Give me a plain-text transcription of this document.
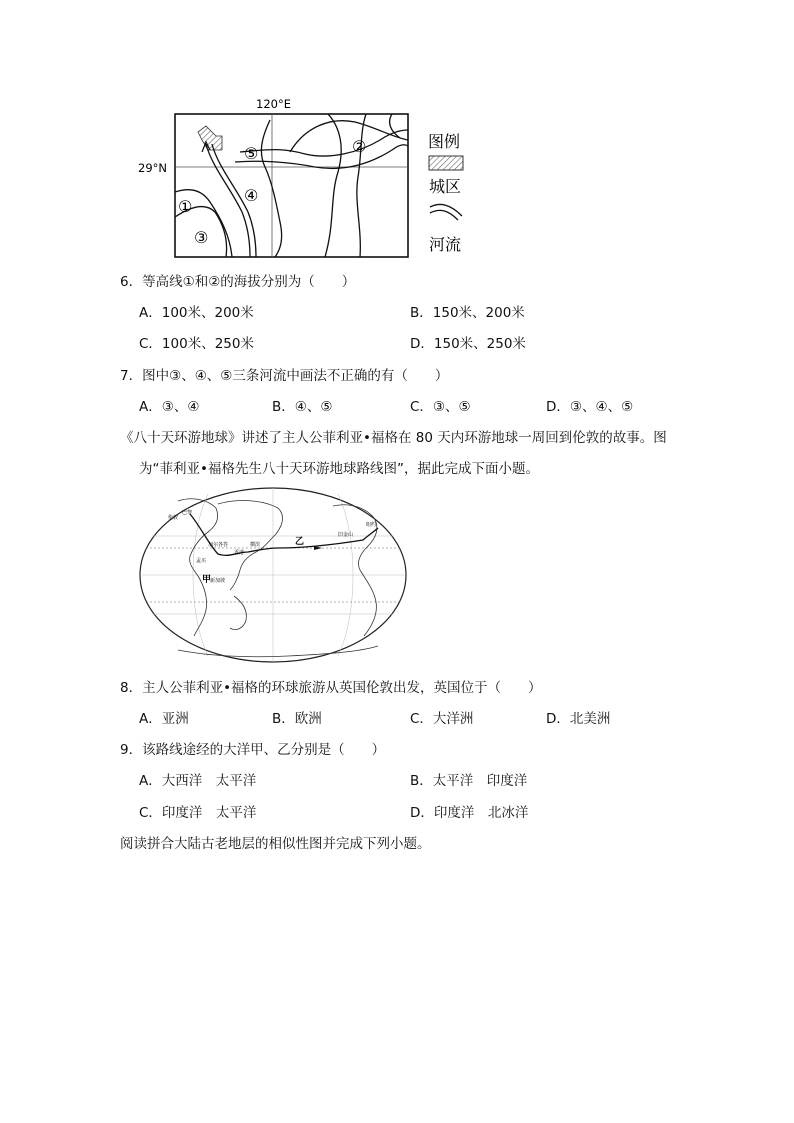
①
②
③
④
⑤
120°E
29°N
图例
城区
河流
6．等高线①和②的海拔分别为（　　）
A．100米、200米	B．150米、200米
C．100米、250米	D．150米、250米
7．图中③、④、⑤三条河流中画法不正确的有（　　）
A．③、④	B．④、⑤	C．③、⑤	D．③、④、⑤
《八十天环游地球》讲述了主人公菲利亚•福格在 80 天内环游地球一周回到伦敦的故事。图
为“菲利亚•福格先生八十天环游地球路线图”，据此完成下面小题。
乙
甲
伦敦
巴黎
加尔各答
香港
横滨
孟买
新加坡
旧金山
纽约
8．主人公菲利亚•福格的环球旅游从英国伦敦出发，英国位于（　　）
A．亚洲	B．欧洲	C．大洋洲	D．北美洲
9．该路线途经的大洋甲、乙分别是（　　）
A．大西洋　太平洋	B．太平洋　印度洋
C．印度洋　太平洋	D．印度洋　北冰洋
阅读拼合大陆古老地层的相似性图并完成下列小题。
